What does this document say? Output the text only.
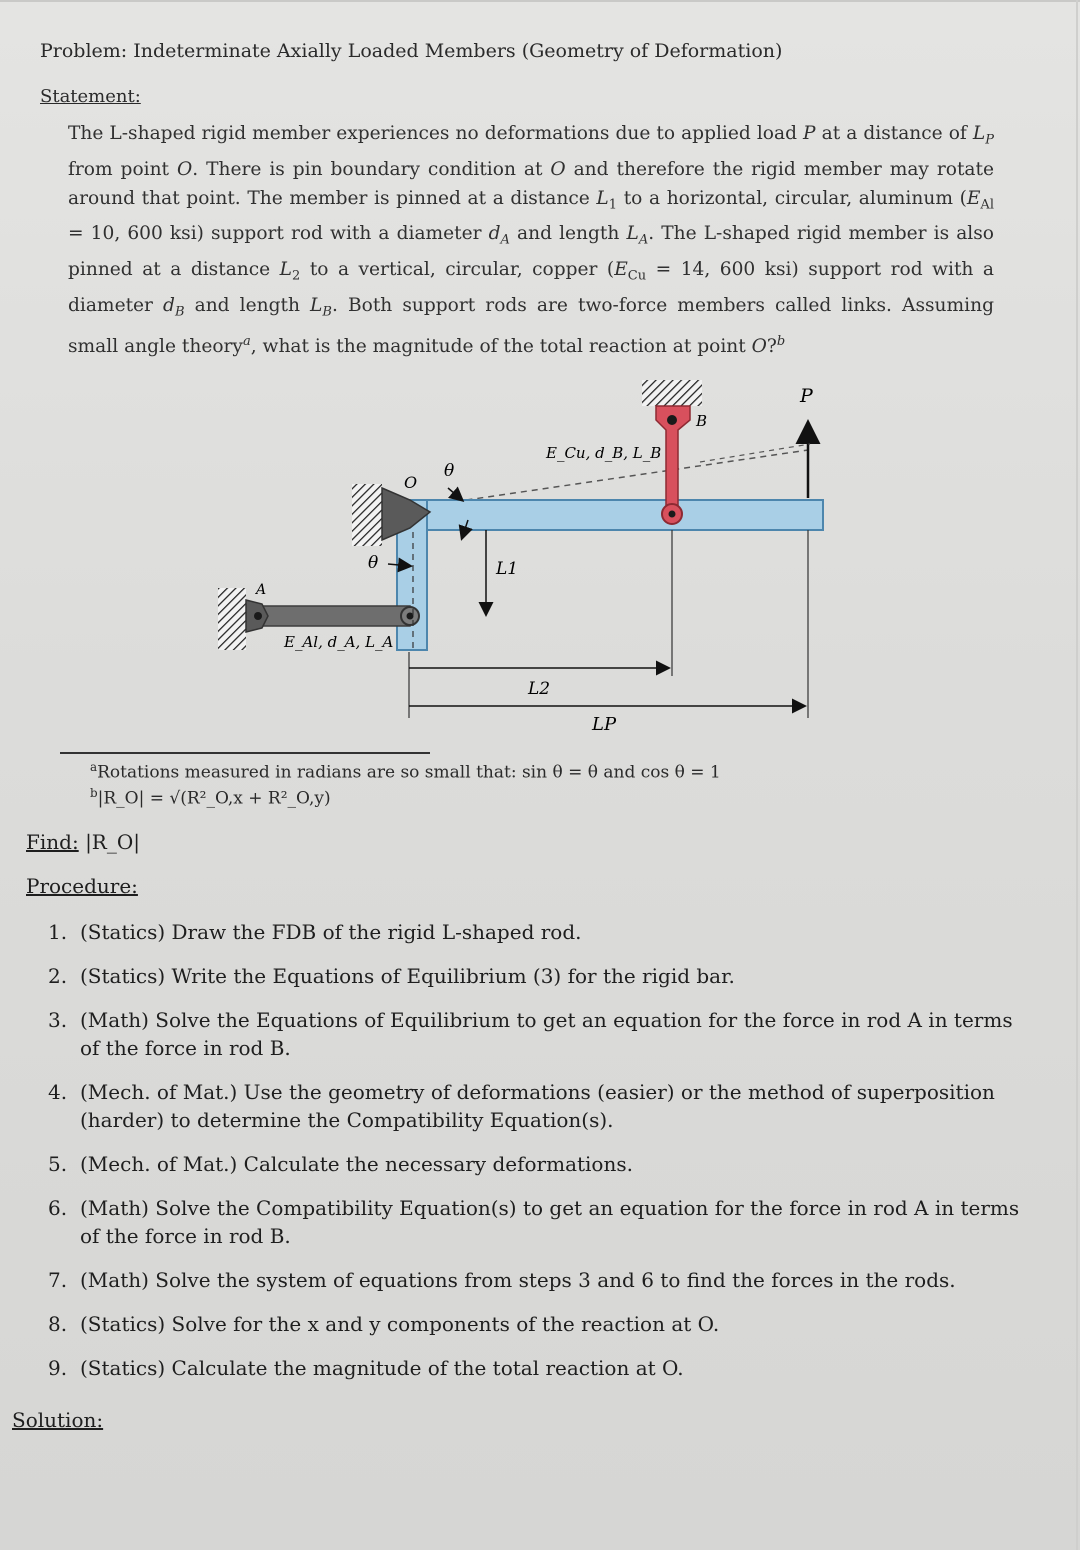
Problem: Indeterminate Axially Loaded Members (Geometry of Deformation)
Statement:
The L-shaped rigid member experiences no deformations due to applied load P at a distance of $L_P$ from point O. There is pin boundary condition at O and therefore the rigid member may rotate around that point. The member is pinned at a distance $L_1$ to a horizontal, circular, aluminum ($E_{Al} = 10$, 600 ksi) support rod with a diameter $d_A$ and length $L_A$. The L-shaped rigid member is also pinned at a distance $L_2$ to a vertical, circular, copper ($E_{Cu} = 14$, 600 ksi) support rod with a diameter $d_B$ and length $L_B$. Both support rods are two-force members called links. Assuming small angle theory$^a$, what is the magnitude of the total reaction at point O?$^b$
P
B
O
A
θ
θ
E_Cu, d_B, L_B
E_Al, d_A, L_A
L1
L2
LP
$^a$Rotations measured in radians are so small that: sin θ = θ and cos θ = 1
$^b$|R_O| = √(R²_O,x + R²_O,y)
Find: |R_O|
Procedure:
1. (Statics) Draw the FDB of the rigid L-shaped rod.
2. (Statics) Write the Equations of Equilibrium (3) for the rigid bar.
3. (Math) Solve the Equations of Equilibrium to get an equation for the force in rod A in terms of the force in rod B.
4. (Mech. of Mat.) Use the geometry of deformations (easier) or the method of superposition (harder) to determine the Compatibility Equation(s).
5. (Mech. of Mat.) Calculate the necessary deformations.
6. (Math) Solve the Compatibility Equation(s) to get an equation for the force in rod A in terms of the force in rod B.
7. (Math) Solve the system of equations from steps 3 and 6 to find the forces in the rods.
8. (Statics) Solve for the x and y components of the reaction at O.
9. (Statics) Calculate the magnitude of the total reaction at O.
Solution:
